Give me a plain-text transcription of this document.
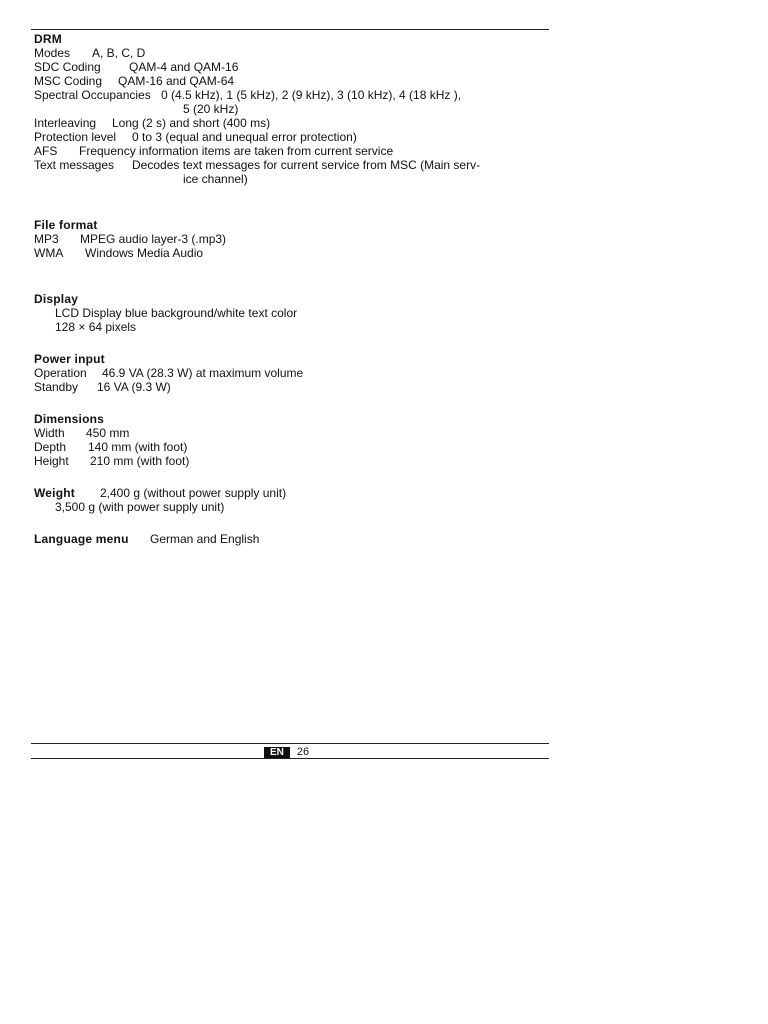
DRM
Modes A, B, C, D
SDC Coding QAM-4 and QAM-16
MSC Coding QAM-16 and QAM-64
Spectral Occupancies 0 (4.5 kHz), 1 (5 kHz), 2 (9 kHz), 3 (10 kHz), 4 (18 kHz ),
5 (20 kHz)
Interleaving Long (2 s) and short (400 ms)
Protection level 0 to 3 (equal and unequal error protection)
AFS Frequency information items are taken from current service
Text messages Decodes text messages for current service from MSC (Main serv-
ice channel)
File format
MP3 MPEG audio layer-3 (.mp3)
WMA Windows Media Audio
Display
LCD Display blue background/white text color
128 × 64 pixels
Power input
Operation 46.9 VA (28.3 W) at maximum volume
Standby 16 VA (9.3 W)
Dimensions
Width 450 mm
Depth 140 mm (with foot)
Height 210 mm (with foot)
Weight 2,400 g (without power supply unit)
3,500 g (with power supply unit)
Language menu German and English
EN	26
